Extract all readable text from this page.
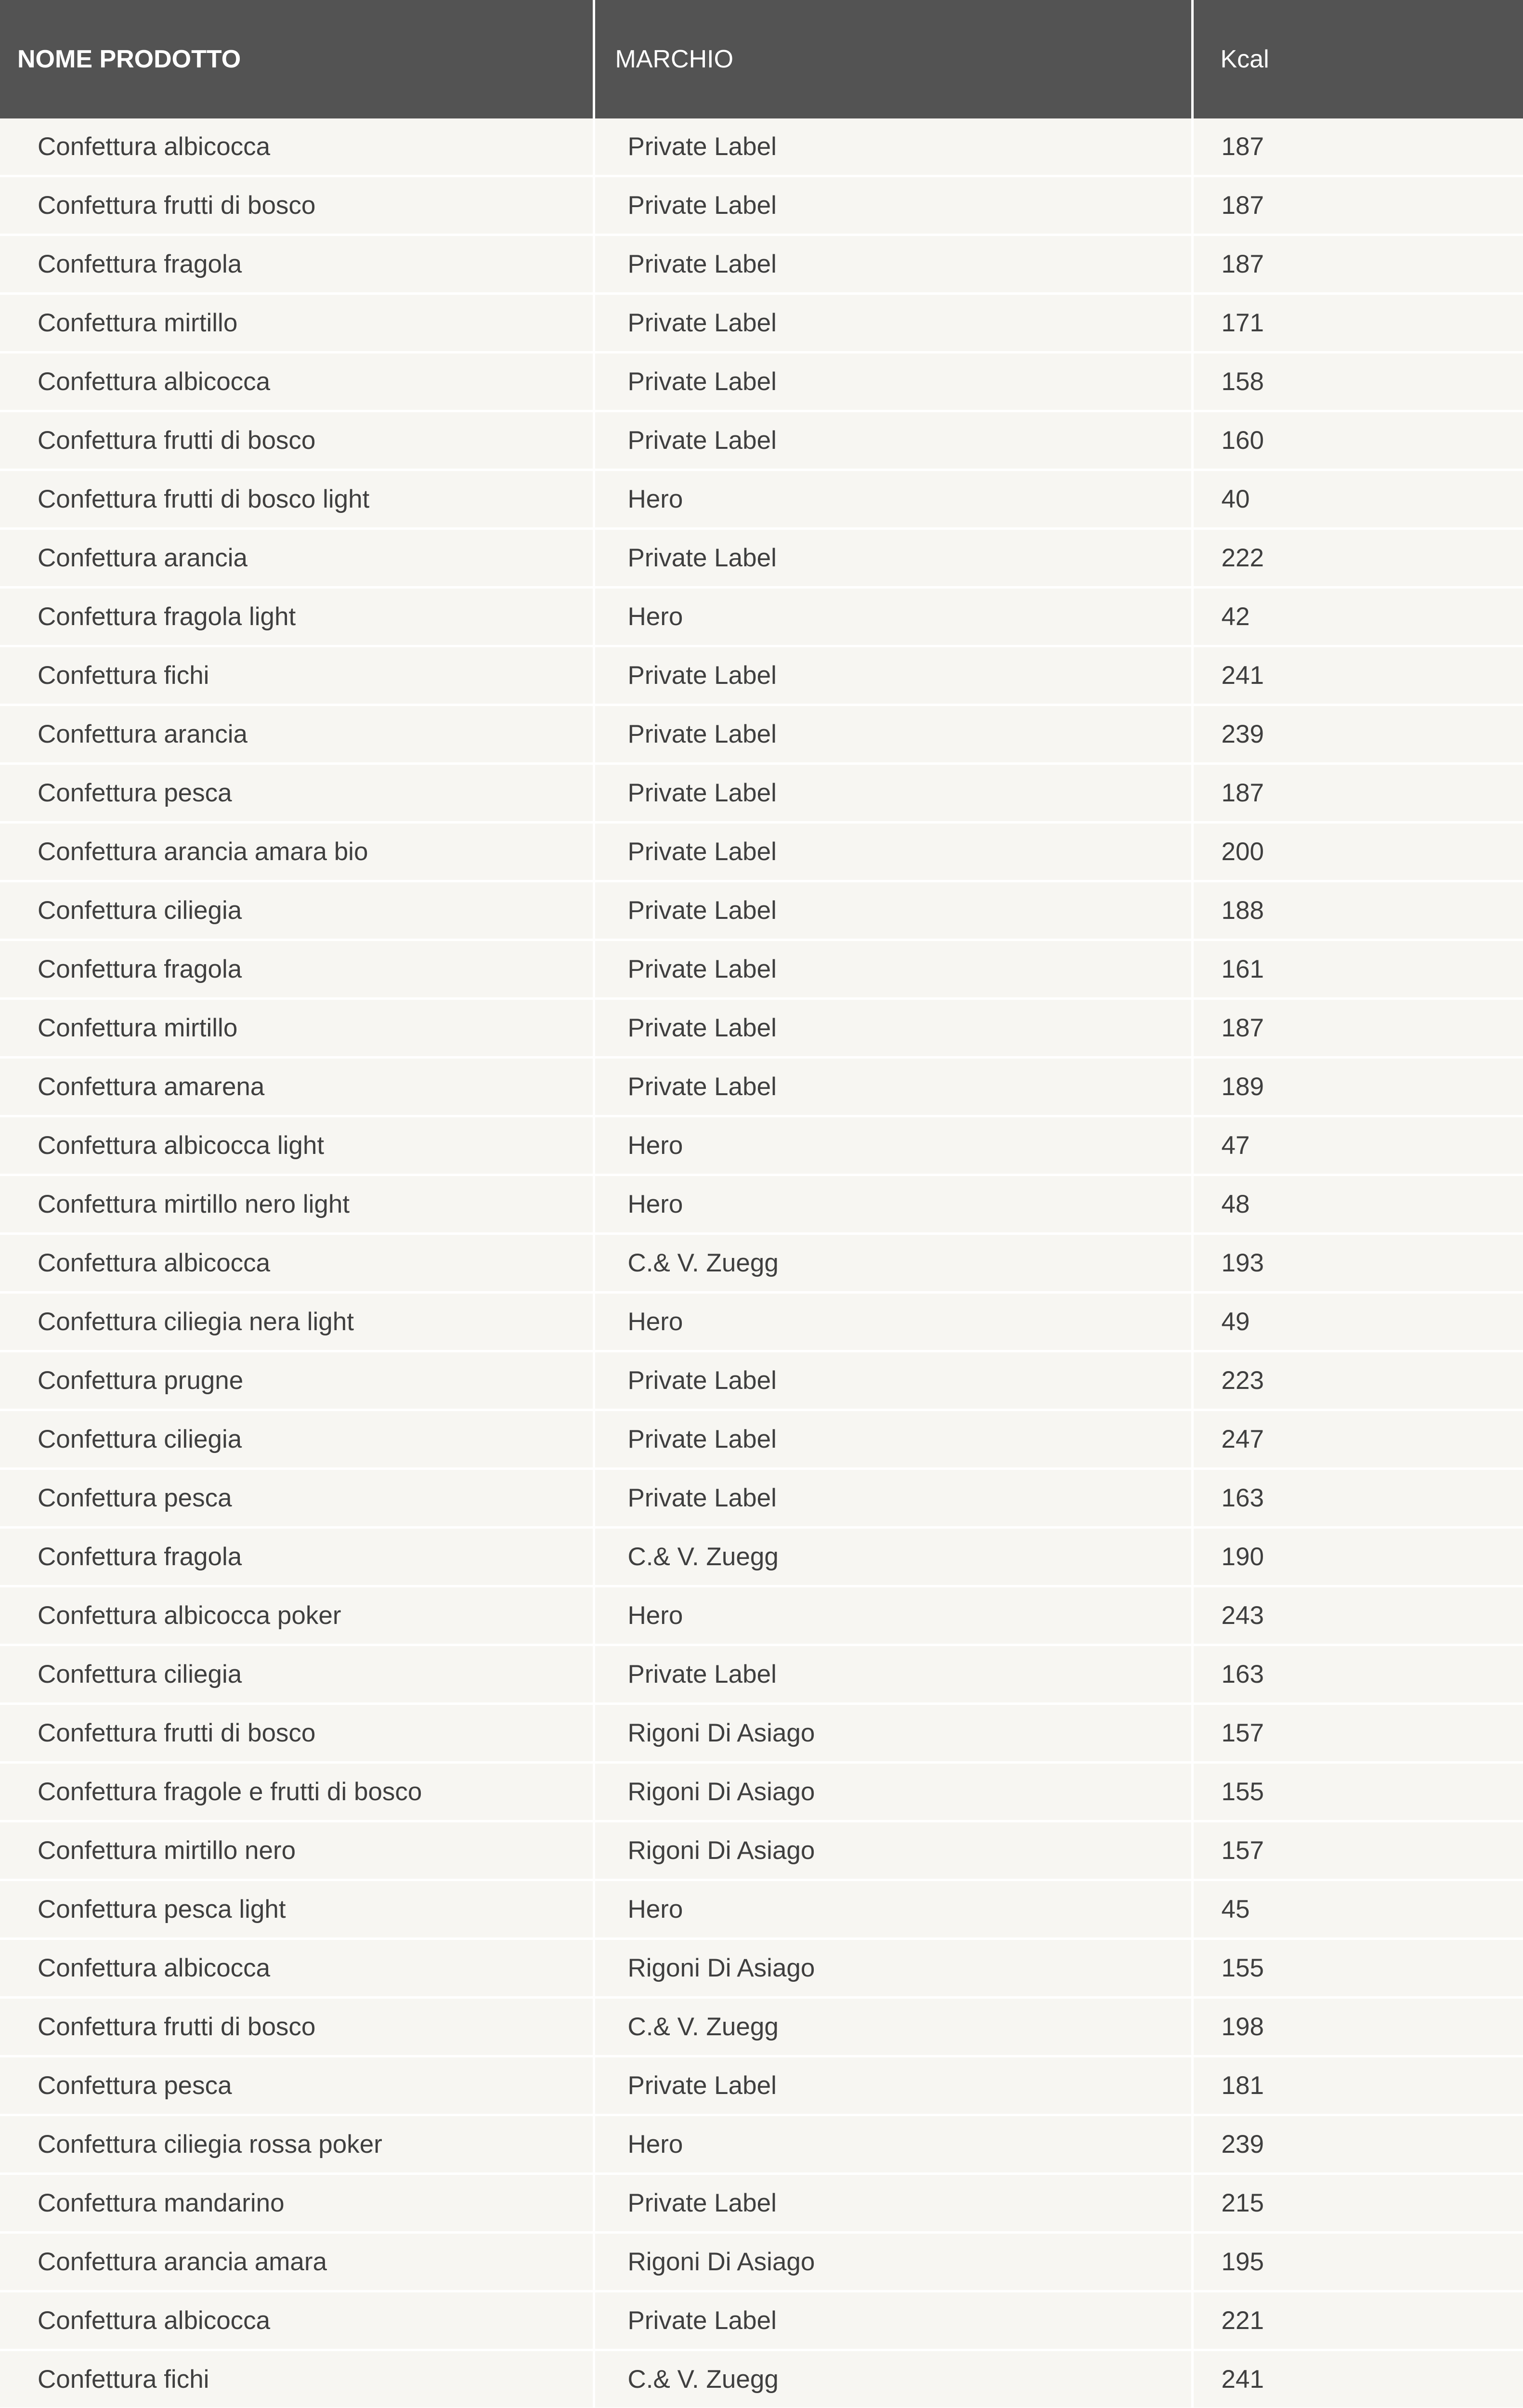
NOME PRODOTTO	MARCHIO	Kcal

Confettura albicocca	Private Label	187
Confettura frutti di bosco	Private Label	187
Confettura fragola	Private Label	187
Confettura mirtillo	Private Label	171
Confettura albicocca	Private Label	158
Confettura frutti di bosco	Private Label	160
Confettura frutti di bosco light	Hero	40
Confettura arancia	Private Label	222
Confettura fragola light	Hero	42
Confettura fichi	Private Label	241
Confettura arancia	Private Label	239
Confettura pesca	Private Label	187
Confettura arancia amara bio	Private Label	200
Confettura ciliegia	Private Label	188
Confettura fragola	Private Label	161
Confettura mirtillo	Private Label	187
Confettura amarena	Private Label	189
Confettura albicocca light	Hero	47
Confettura mirtillo nero light	Hero	48
Confettura albicocca	C.& V. Zuegg	193
Confettura ciliegia nera light	Hero	49
Confettura prugne	Private Label	223
Confettura ciliegia	Private Label	247
Confettura pesca	Private Label	163
Confettura fragola	C.& V. Zuegg	190
Confettura albicocca poker	Hero	243
Confettura ciliegia	Private Label	163
Confettura frutti di bosco	Rigoni Di Asiago	157
Confettura fragole e frutti di bosco	Rigoni Di Asiago	155
Confettura mirtillo nero	Rigoni Di Asiago	157
Confettura pesca light	Hero	45
Confettura albicocca	Rigoni Di Asiago	155
Confettura frutti di bosco	C.& V. Zuegg	198
Confettura pesca	Private Label	181
Confettura ciliegia rossa poker	Hero	239
Confettura mandarino	Private Label	215
Confettura arancia amara	Rigoni Di Asiago	195
Confettura albicocca	Private Label	221
Confettura fichi	C.& V. Zuegg	241
